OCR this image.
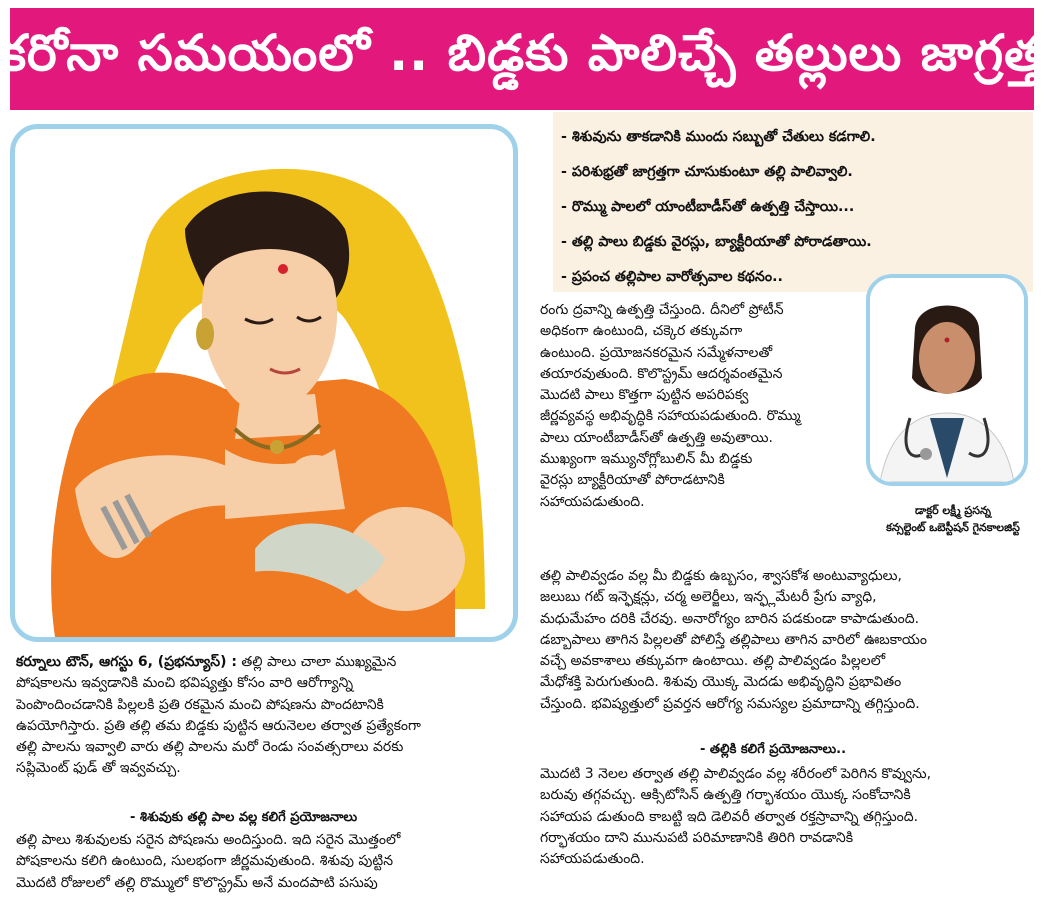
కరోనా సమయంలో .. బిడ్డకు పాలిచ్చే తల్లులు జాగ్రత్త
- శిశువును తాకడానికి ముందు సబ్బుతో చేతులు కడగాలి.
- పరిశుభ్రతో జాగ్రత్తగా చూసుకుంటూ తల్లి పాలివ్వాలి.
- రొమ్ము పాలలో యాంటీబాడీస్‌తో ఉత్పత్తి చేస్తాయి...
- తల్లి పాలు బిడ్డకు వైరస్లు, బ్యాక్టీరియాతో పోరాడతాయి.
- ప్రపంచ తల్లిపాల వారోత్సవాల కథనం..
డాక్టర్ లక్ష్మీ ప్రసన్న
కన్సల్టెంట్ ఒబెస్టీషన్ గైనకాలజిస్ట్
కర్నూలు టౌన్, ఆగస్టు 6, (ప్రభన్యూస్) : తల్లి పాలు చాలా ముఖ్యమైన
పోషకాలను ఇవ్వడానికి మంచి భవిష్యత్తు కోసం వారి ఆరోగ్యాన్ని
పెంపొందించడానికి పిల్లలకి ప్రతి రకమైన మంచి పోషణను పొందటానికి
ఉపయోగిస్తారు. ప్రతి తల్లి తమ బిడ్డకు పుట్టిన ఆరునెలల తర్వాత ప్రత్యేకంగా
తల్లి పాలను ఇవ్వాలి వారు తల్లి పాలను మరో రెండు సంవత్సరాలు వరకు
సప్లిమెంట్ ఫుడ్ తో ఇవ్వవచ్చు.
- శిశువుకు తల్లి పాల వల్ల కలిగే ప్రయోజనాలు
తల్లి పాలు శిశువులకు సరైన పోషణను అందిస్తుంది. ఇది సరైన మొత్తంలో
పోషకాలను కలిగి ఉంటుంది, సులభంగా జీర్ణమవుతుంది. శిశువు పుట్టిన
మొదటి రోజులలో తల్లి రొమ్ములో కొలొస్ట్రమ్ అనే మందపాటి పసుపు
రంగు ద్రవాన్ని ఉత్పత్తి చేస్తుంది. దీనిలో ప్రోటీన్
అధికంగా ఉంటుంది, చక్కెర తక్కువగా
ఉంటుంది. ప్రయోజనకరమైన సమ్మేళనాలతో
తయారవుతుంది. కొలొస్ట్రమ్ ఆదర్శవంతమైన
మొదటి పాలు కొత్తగా పుట్టిన అపరిపక్వ
జీర్ణవ్యవస్థ అభివృద్ధికి సహాయపడుతుంది. రొమ్ము
పాలు యాంటీబాడీస్‌తో ఉత్పత్తి అవుతాయి.
ముఖ్యంగా ఇమ్యునోగ్లోబులిన్ మీ బిడ్డకు
వైరస్లు బ్యాక్టీరియాతో పోరాడటానికి
సహాయపడుతుంది.
తల్లి పాలివ్వడం వల్ల మీ బిడ్డకు ఉబ్బసం, శ్వాసకోశ అంటువ్యాధులు,
జలుబు గట్ ఇన్ఫెక్షన్లు, చర్మ అలెర్జీలు, ఇన్ఫ్లమేటరీ ప్రేగు వ్యాధి,
మధుమేహం దరికి చేరవు. అనారోగ్యం బారిన పడకుండా కాపాడుతుంది.
డబ్బాపాలు తాగిన పిల్లలతో పోలిస్తే తల్లిపాలు తాగిన వారిలో ఊబకాయం
వచ్చే అవకాశాలు తక్కువగా ఉంటాయి. తల్లి పాలివ్వడం పిల్లలలో
మేధోశక్తి పెరుగుతుంది. శిశువు యొక్క మెదడు అభివృద్ధిని ప్రభావితం
చేస్తుంది. భవిష్యత్తులో ప్రవర్తన ఆరోగ్య సమస్యల ప్రమాదాన్ని తగ్గిస్తుంది.
- తల్లికి కలిగే ప్రయోజనాలు..
మొదటి 3 నెలల తర్వాత తల్లి పాలివ్వడం వల్ల శరీరంలో పెరిగిన కొవ్వును,
బరువు తగ్గవచ్చు. ఆక్సిటోసిన్ ఉత్పత్తి గర్భాశయం యొక్క సంకోచానికి
సహాయప డుతుంది కాబట్టి ఇది డెలివరీ తర్వాత రక్తస్రావాన్ని తగ్గిస్తుంది.
గర్భాశయం దాని మునుపటి పరిమాణానికి తిరిగి రావడానికి
సహాయపడుతుంది.
